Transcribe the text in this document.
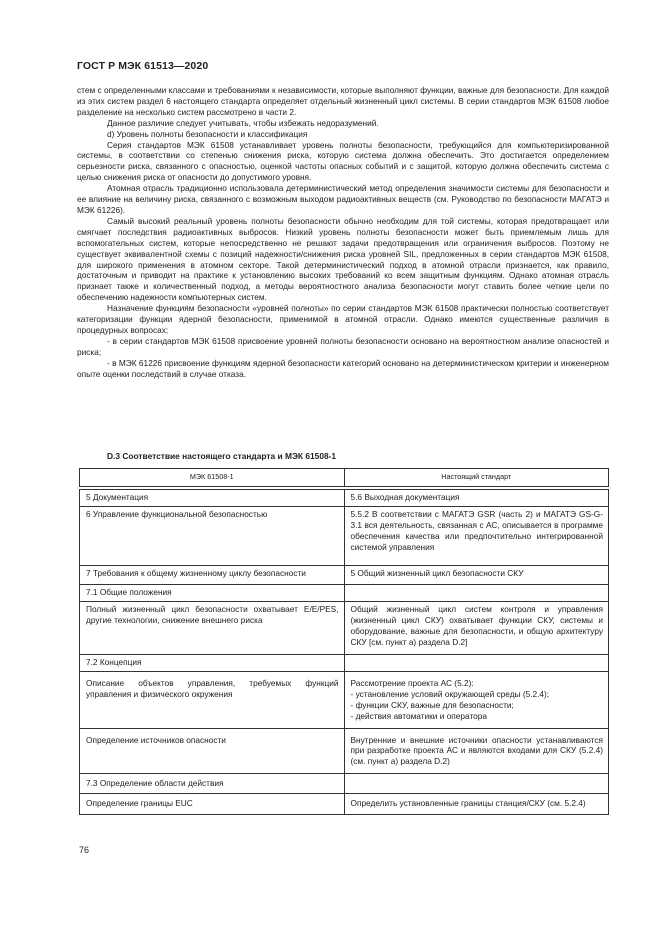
ГОСТ Р МЭК 61513—2020

стем с определенными классами и требованиями к независимости, которые выполняют функции, важные для безопасности. Для каждой из этих систем раздел 6 настоящего стандарта определяет отдельный жизненный цикл системы. В серии стандартов МЭК 61508 любое разделение на несколько систем рассмотрено в части 2.

Данное различие следует учитывать, чтобы избежать недоразумений.

d) Уровень полноты безопасности и классификация

Серия стандартов МЭК 61508 устанавливает уровень полноты безопасности, требующийся для компьютеризированной системы, в соответствии со степенью снижения риска, которую система должна обеспечить. Это достигается определением серьезности риска, связанного с опасностью, оценкой частоты опасных событий и с защитой, которую должна обеспечить система с целью снижения риска от опасности до допустимого уровня.

Атомная отрасль традиционно использовала детерминистический метод определения значимости системы для безопасности и ее влияние на величину риска, связанного с возможным выходом радиоактивных веществ (см. Руководство по безопасности МАГАТЭ и МЭК 61226).

Самый высокий реальный уровень полноты безопасности обычно необходим для той системы, которая предотвращает или смягчает последствия радиоактивных выбросов. Низкий уровень полноты безопасности может быть приемлемым лишь для вспомогательных систем, которые непосредственно не решают задачи предотвращения или ограничения выбросов. Поэтому не существует эквивалентной схемы с позиций надежности/снижения риска уровней SIL, предложенных в серии стандартов МЭК 61508, для широкого применения в атомном секторе. Такой детерминистический подход в атомной отрасли признается, как правило, достаточным и приводит на практике к установлению высоких требований ко всем защитным функциям. Однако атомная отрасль признает также и количественный подход, а методы вероятностного анализа безопасности могут ставить более четкие цели по обеспечению надежности компьютерных систем.

Назначение функциям безопасности «уровней полноты» по серии стандартов МЭК 61508 практически полностью соответствует категоризации функции ядерной безопасности, применимой в атомной отрасли. Однако имеются существенные различия в процедурных вопросах:

- в серии стандартов МЭК 61508 присвоение уровней полноты безопасности основано на вероятностном анализе опасностей и риска;

- в МЭК 61226 присвоение функциям ядерной безопасности категорий основано на детерминистическом критерии и инженерном опыте оценки последствий в случае отказа.

D.3 Соответствие настоящего стандарта и МЭК 61508-1
МЭК 61508-1	Настоящий стандарт

5 Документация	5.6 Выходная документация
6 Управление функциональной безопасностью	5.5.2 В соответствии с МАГАТЭ GSR (часть 2) и МАГАТЭ GS-G-3.1 вся деятельность, связанная с АС, описывается в программе обеспечения качества или предпочтительно интегрированной системой управления
7 Требования к общему жизненному циклу безопасности	5 Общий жизненный цикл безопасности СКУ
7.1 Общие положения	
Полный жизненный цикл безопасности охватывает E/E/PES, другие технологии, снижение внешнего риска	Общий жизненный цикл систем контроля и управления (жизненный цикл СКУ) охватывает функции СКУ, системы и оборудование, важные для безопасности, и общую архитектуру СКУ [см. пункт а) раздела D.2]
7.2 Концепция	
Описание объектов управления, требуемых функций управления и физического окружения	Рассмотрение проекта АС (5.2):
- установление условий окружающей среды (5.2.4);
- функции СКУ, важные для безопасности;
- действия автоматики и оператора

Определение источников опасности	Внутренние и внешние источники опасности устанавливаются при разработке проекта АС и являются входами для СКУ (5.2.4) (см. пункт а) раздела D.2)
7.3 Определение области действия	
Определение границы EUC	Определить установленные границы станция/СКУ (см. 5.2.4)
76
